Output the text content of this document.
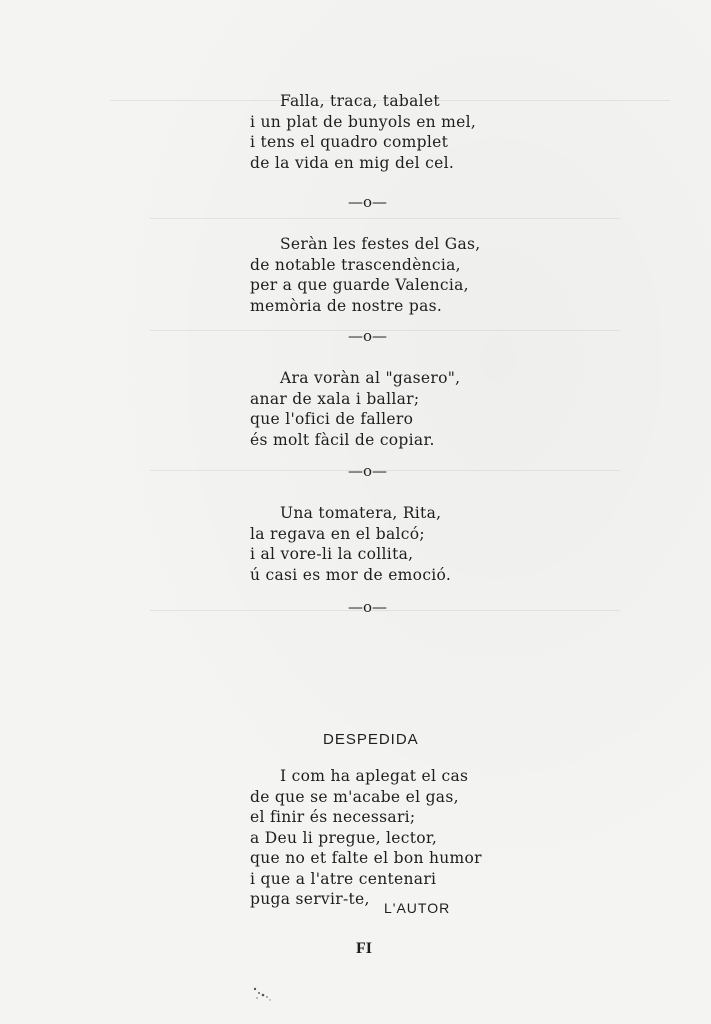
Falla, traca, tabalet
i un plat de bunyols en mel,
i tens el quadro complet
de la vida en mig del cel.
—o—
Seràn les festes del Gas,
de notable trascendència,
per a que guarde Valencia,
memòria de nostre pas.
—o—
Ara voràn al "gasero",
anar de xala i ballar;
que l'ofici de fallero
és molt fàcil de copiar.
—o—
Una tomatera, Rita,
la regava en el balcó;
i al vore-li la collita,
ú casi es mor de emoció.
—o—
DESPEDIDA
I com ha aplegat el cas
de que se m'acabe el gas,
el finir és necessari;
a Deu li pregue, lector,
que no et falte el bon humor
i que a l'atre centenari
puga servir-te,	L'AUTOR
FI
